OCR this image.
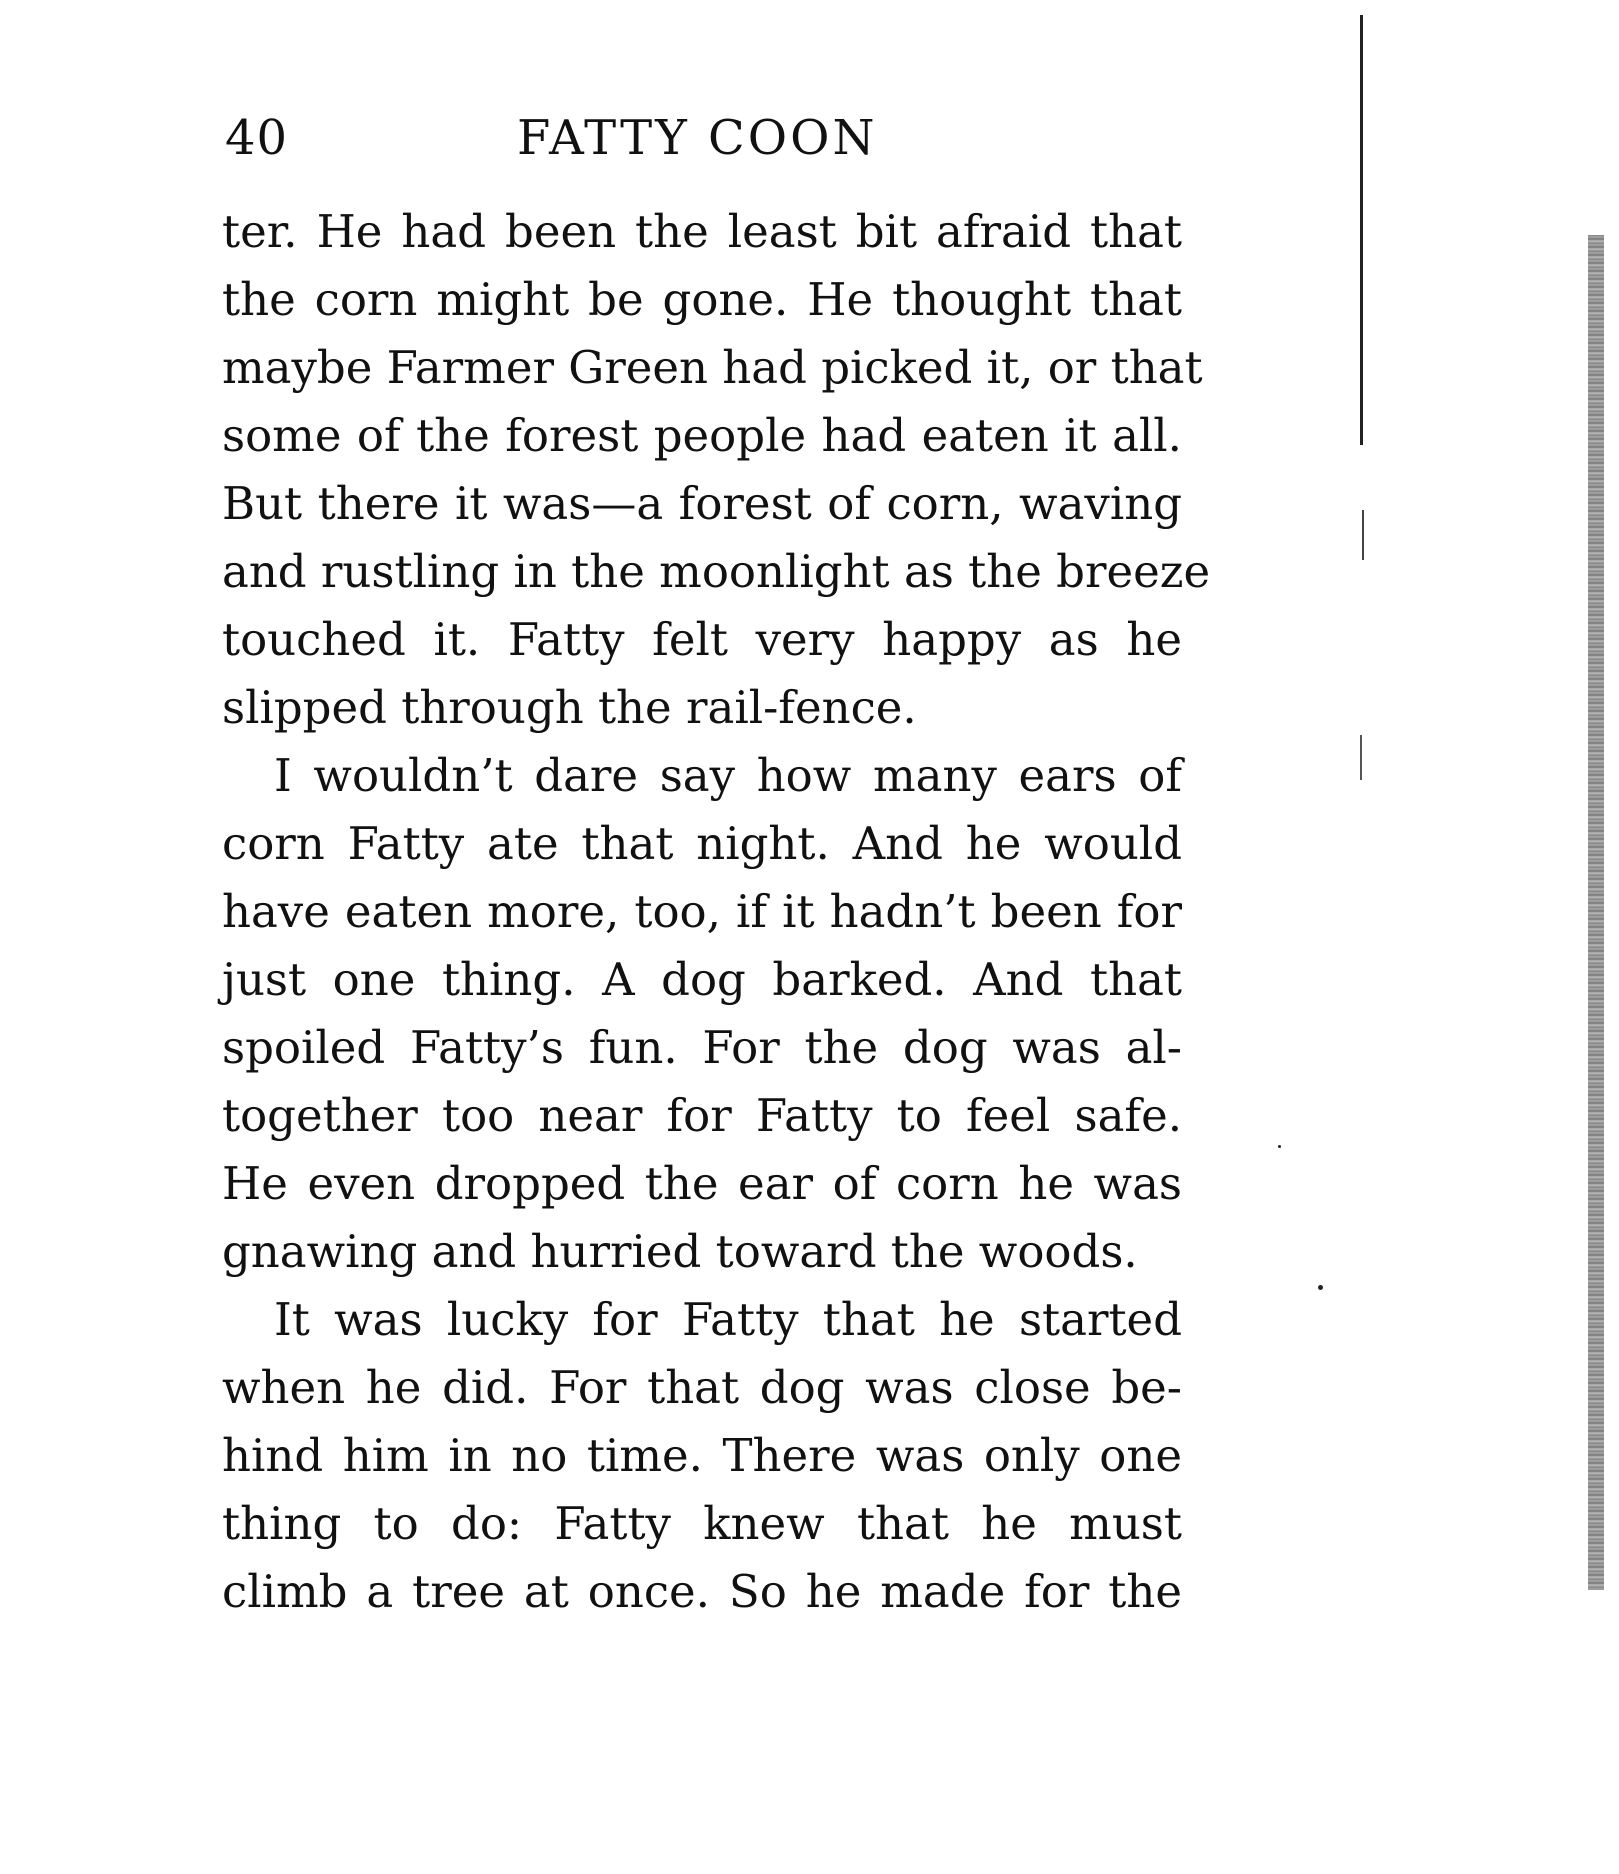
40	FATTY COON
ter. He had been the least bit afraid that
the corn might be gone. He thought that
maybe Farmer Green had picked it, or that
some of the forest people had eaten it all.
But there it was—a forest of corn, waving
and rustling in the moonlight as the breeze
touched it. Fatty felt very happy as he
slipped through the rail-fence.
I wouldn’t dare say how many ears of
corn Fatty ate that night. And he would
have eaten more, too, if it hadn’t been for
just one thing. A dog barked. And that
spoiled Fatty’s fun. For the dog was al-
together too near for Fatty to feel safe.
He even dropped the ear of corn he was
gnawing and hurried toward the woods.
It was lucky for Fatty that he started
when he did. For that dog was close be-
hind him in no time. There was only one
thing to do: Fatty knew that he must
climb a tree at once. So he made for the
